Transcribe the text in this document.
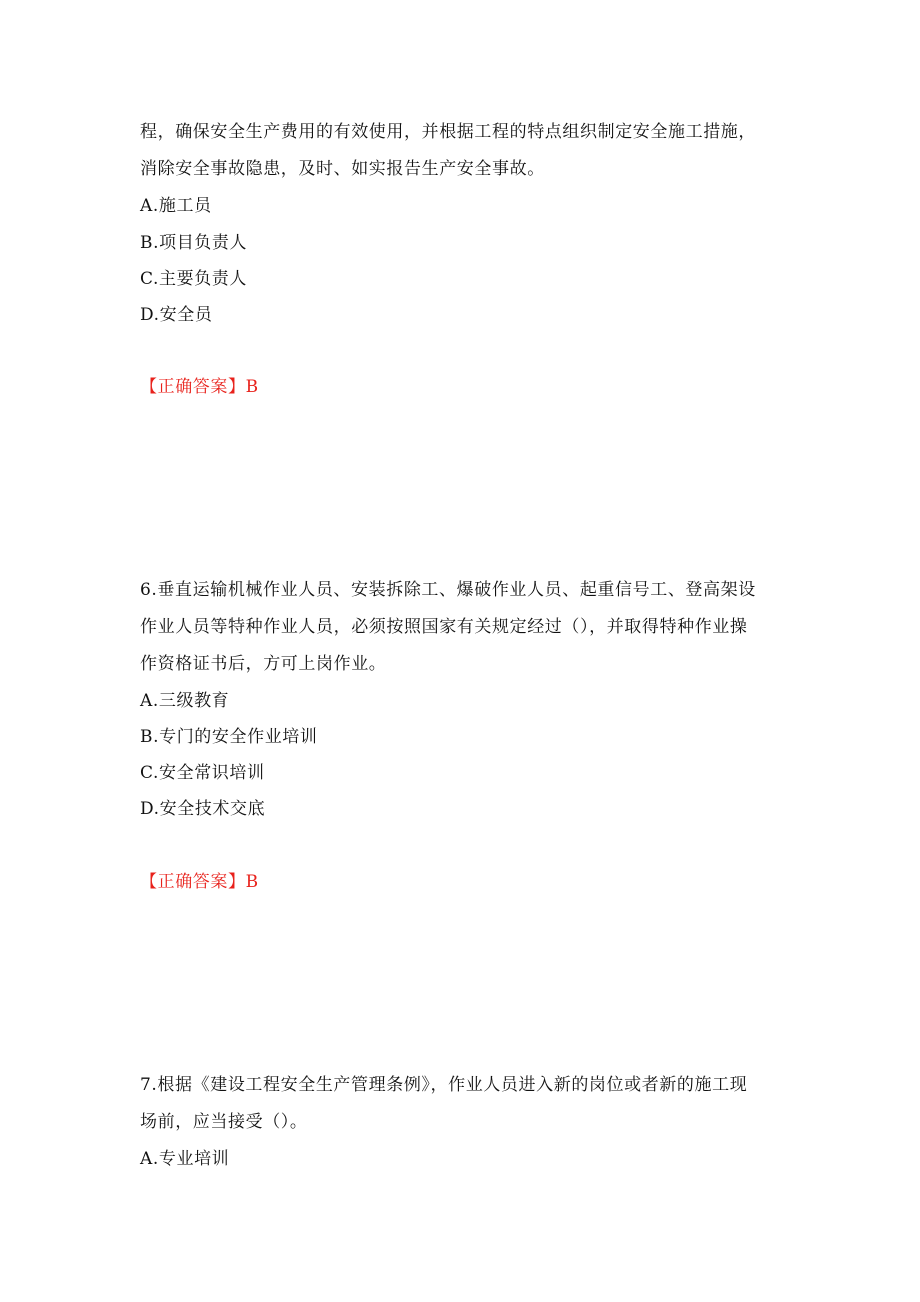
程，确保安全生产费用的有效使用，并根据工程的特点组织制定安全施工措施，
消除安全事故隐患，及时、如实报告生产安全事故。
A.施工员
B.项目负责人
C.主要负责人
D.安全员
【正确答案】B
6.垂直运输机械作业人员、安装拆除工、爆破作业人员、起重信号工、登高架设
作业人员等特种作业人员，必须按照国家有关规定经过（），并取得特种作业操
作资格证书后，方可上岗作业。
A.三级教育
B.专门的安全作业培训
C.安全常识培训
D.安全技术交底
【正确答案】B
7.根据《建设工程安全生产管理条例》，作业人员进入新的岗位或者新的施工现
场前，应当接受（）。
A.专业培训
